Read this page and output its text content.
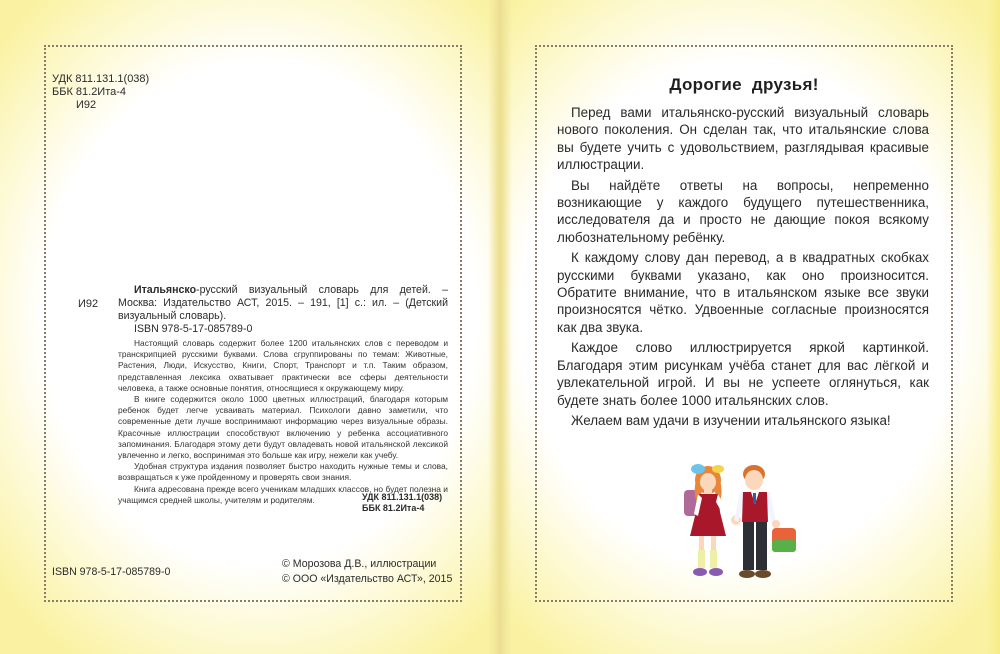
УДК 811.131.1(038)
ББК 81.2Ита-4
И92
И92
Итальянско-русский визуальный словарь для детей. – Москва: Издательство АСТ, 2015. – 191, [1] с.: ил. – (Детский визуальный словарь).
ISBN 978-5-17-085789-0

Настоящий словарь содержит более 1200 итальянских слов с переводом и транскрипцией русскими буквами. Слова сгруппированы по темам: Животные, Растения, Люди, Искусство, Книги, Спорт, Транспорт и т.п. Таким образом, представленная лексика охватывает практически все сферы деятельности человека, а также основные понятия, относящиеся к окружающему миру.

В книге содержится около 1000 цветных иллюстраций, благодаря которым ребенок будет легче усваивать материал. Психологи давно заметили, что современные дети лучше воспринимают информацию через визуальные образы. Красочные иллюстрации способствуют включению у ребенка ассоциативного запоминания. Благодаря этому дети будут овладевать новой итальянской лексикой увлеченно и легко, воспринимая это больше как игру, нежели как учебу.

Удобная структура издания позволяет быстро находить нужные темы и слова, возвращаться к уже пройденному и проверять свои знания.

Книга адресована прежде всего ученикам младших классов, но будет полезна и учащимся средней школы, учителям и родителям.	УДК 811.131.1(038)
ББК 81.2Ита-4
ISBN 978-5-17-085789-0
© Морозова Д.В., иллюстрации
© ООО «Издательство АСТ», 2015
Дорогие друзья!

Перед вами итальянско-русский визуальный словарь нового поколения. Он сделан так, что итальянские слова вы будете учить с удовольствием, разглядывая красивые иллюстрации.

Вы найдёте ответы на вопросы, непременно возникающие у каждого будущего путешественника, исследователя да и просто не дающие покоя всякому любознательному ребёнку.

К каждому слову дан перевод, а в квадратных скобках русскими буквами указано, как оно произносится. Обратите внимание, что в итальянском языке все звуки произносятся чётко. Удвоенные согласные произносятся как два звука.

Каждое слово иллюстрируется яркой картинкой. Благодаря этим рисункам учёба станет для вас лёгкой и увлекательной игрой. И вы не успеете оглянуться, как будете знать более 1000 итальянских слов.

Желаем вам удачи в изучении итальянского языка!
